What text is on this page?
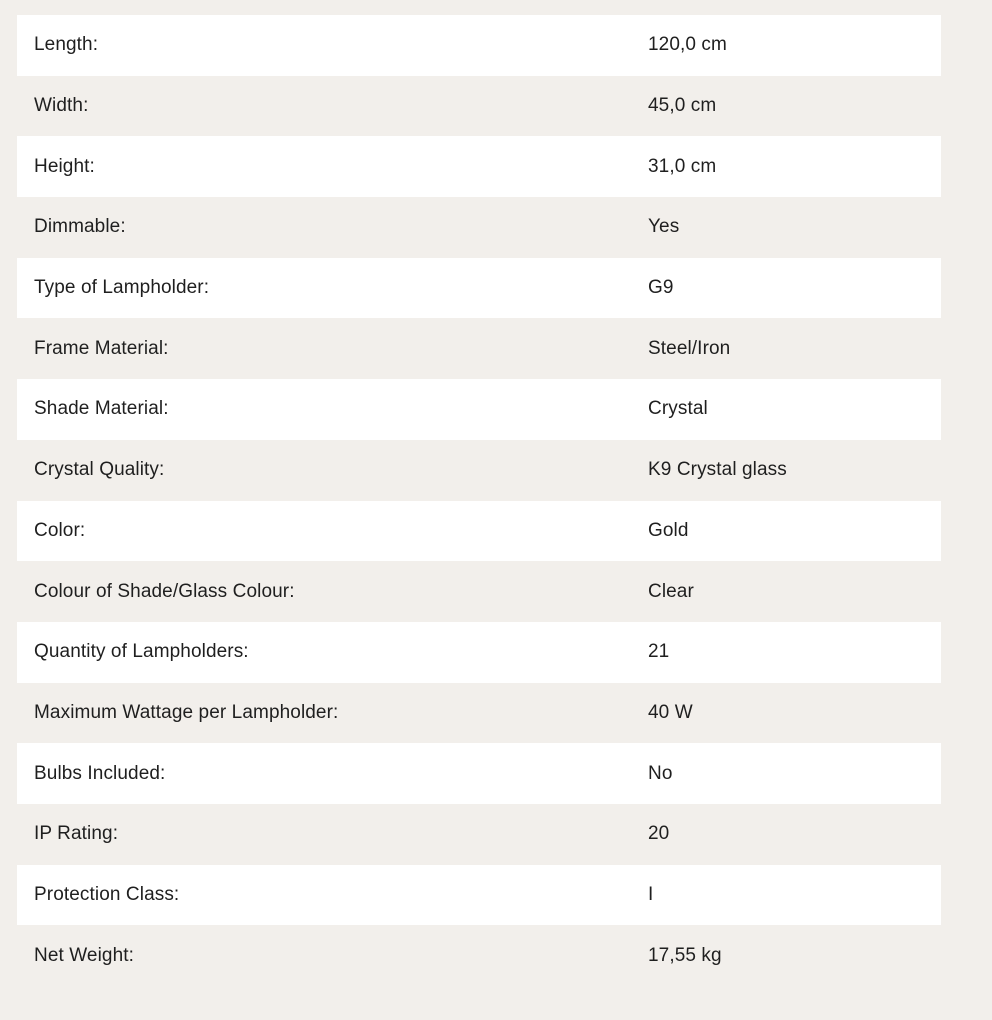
Length:	120,0 cm
Width:	45,0 cm
Height:	31,0 cm
Dimmable:	Yes
Type of Lampholder:	G9
Frame Material:	Steel/Iron
Shade Material:	Crystal
Crystal Quality:	K9 Crystal glass
Color:	Gold
Colour of Shade/Glass Colour:	Clear
Quantity of Lampholders:	21
Maximum Wattage per Lampholder:	40 W
Bulbs Included:	No
IP Rating:	20
Protection Class:	I
Net Weight:	17,55 kg
